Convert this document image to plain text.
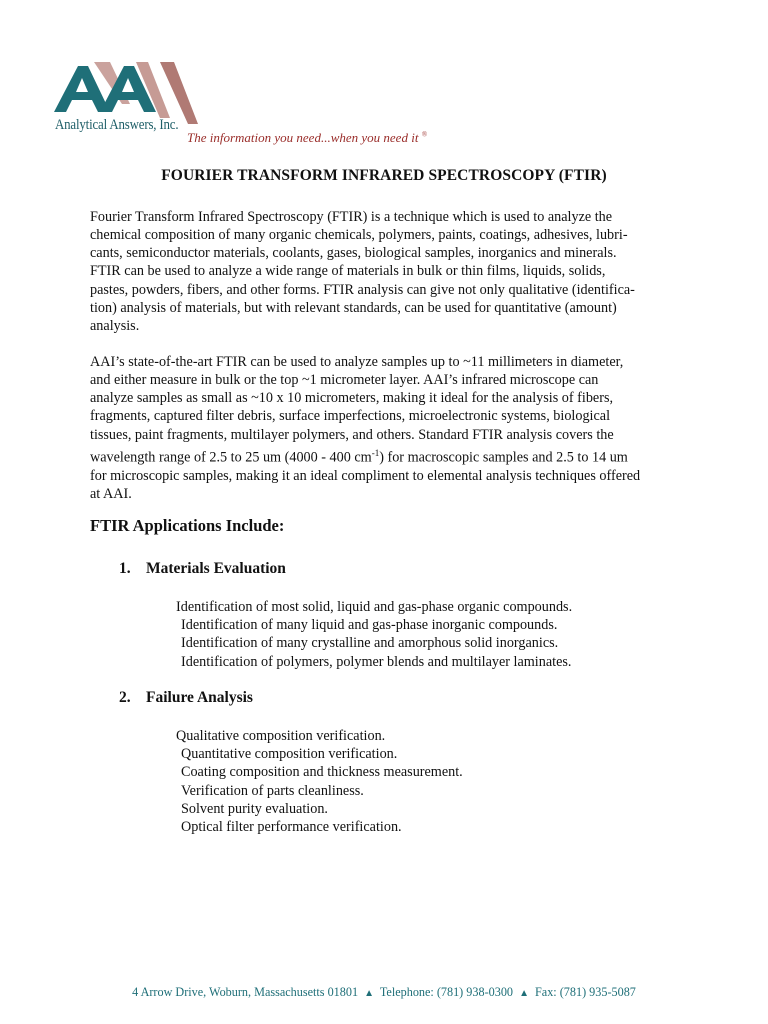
Analytical Answers, Inc.
The information you need...when you need it ®
FOURIER TRANSFORM INFRARED SPECTROSCOPY (FTIR)

Fourier Transform Infrared Spectroscopy (FTIR) is a technique which is used to analyze the
chemical composition of many organic chemicals, polymers, paints, coatings, adhesives, lubri-
cants, semiconductor materials, coolants, gases, biological samples, inorganics and minerals.
FTIR can be used to analyze a wide range of materials in bulk or thin films, liquids, solids,
pastes, powders, fibers, and other forms. FTIR analysis can give not only qualitative (identifica-
tion) analysis of materials, but with relevant standards, can be used for quantitative (amount)
analysis.

AAI’s state-of-the-art FTIR can be used to analyze samples up to ~11 millimeters in diameter,
and either measure in bulk or the top ~1 micrometer layer. AAI’s infrared microscope can
analyze samples as small as ~10 x 10 micrometers, making it ideal for the analysis of fibers,
fragments, captured filter debris, surface imperfections, microelectronic systems, biological
tissues, paint fragments, multilayer polymers, and others. Standard FTIR analysis covers the
wavelength range of 2.5 to 25 um (4000 - 400 $cm^{-1}$) for macroscopic samples and 2.5 to 14 um
for microscopic samples, making it an ideal compliment to elemental analysis techniques offered
at AAI.

FTIR Applications Include:
1. Materials Evaluation
Identification of most solid, liquid and gas-phase organic compounds.
Identification of many liquid and gas-phase inorganic compounds.
Identification of many crystalline and amorphous solid inorganics.
Identification of polymers, polymer blends and multilayer laminates.
2. Failure Analysis
Qualitative composition verification.
Quantitative composition verification.
Coating composition and thickness measurement.
Verification of parts cleanliness.
Solvent purity evaluation.
Optical filter performance verification.
4 Arrow Drive, Woburn, Massachusetts 01801 ▲ Telephone: (781) 938-0300 ▲ Fax: (781) 935-5087
